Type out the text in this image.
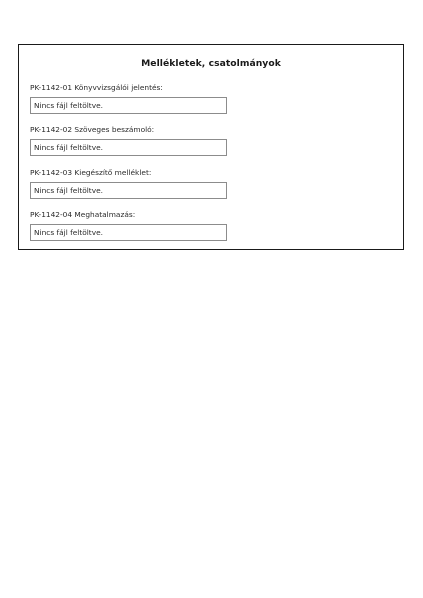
Mellékletek, csatolmányok
PK-1142-01 Könyvvizsgálói jelentés:
Nincs fájl feltöltve.
PK-1142-02 Szöveges beszámoló:
Nincs fájl feltöltve.
PK-1142-03 Kiegészítő melléklet:
Nincs fájl feltöltve.
PK-1142-04 Meghatalmazás:
Nincs fájl feltöltve.
